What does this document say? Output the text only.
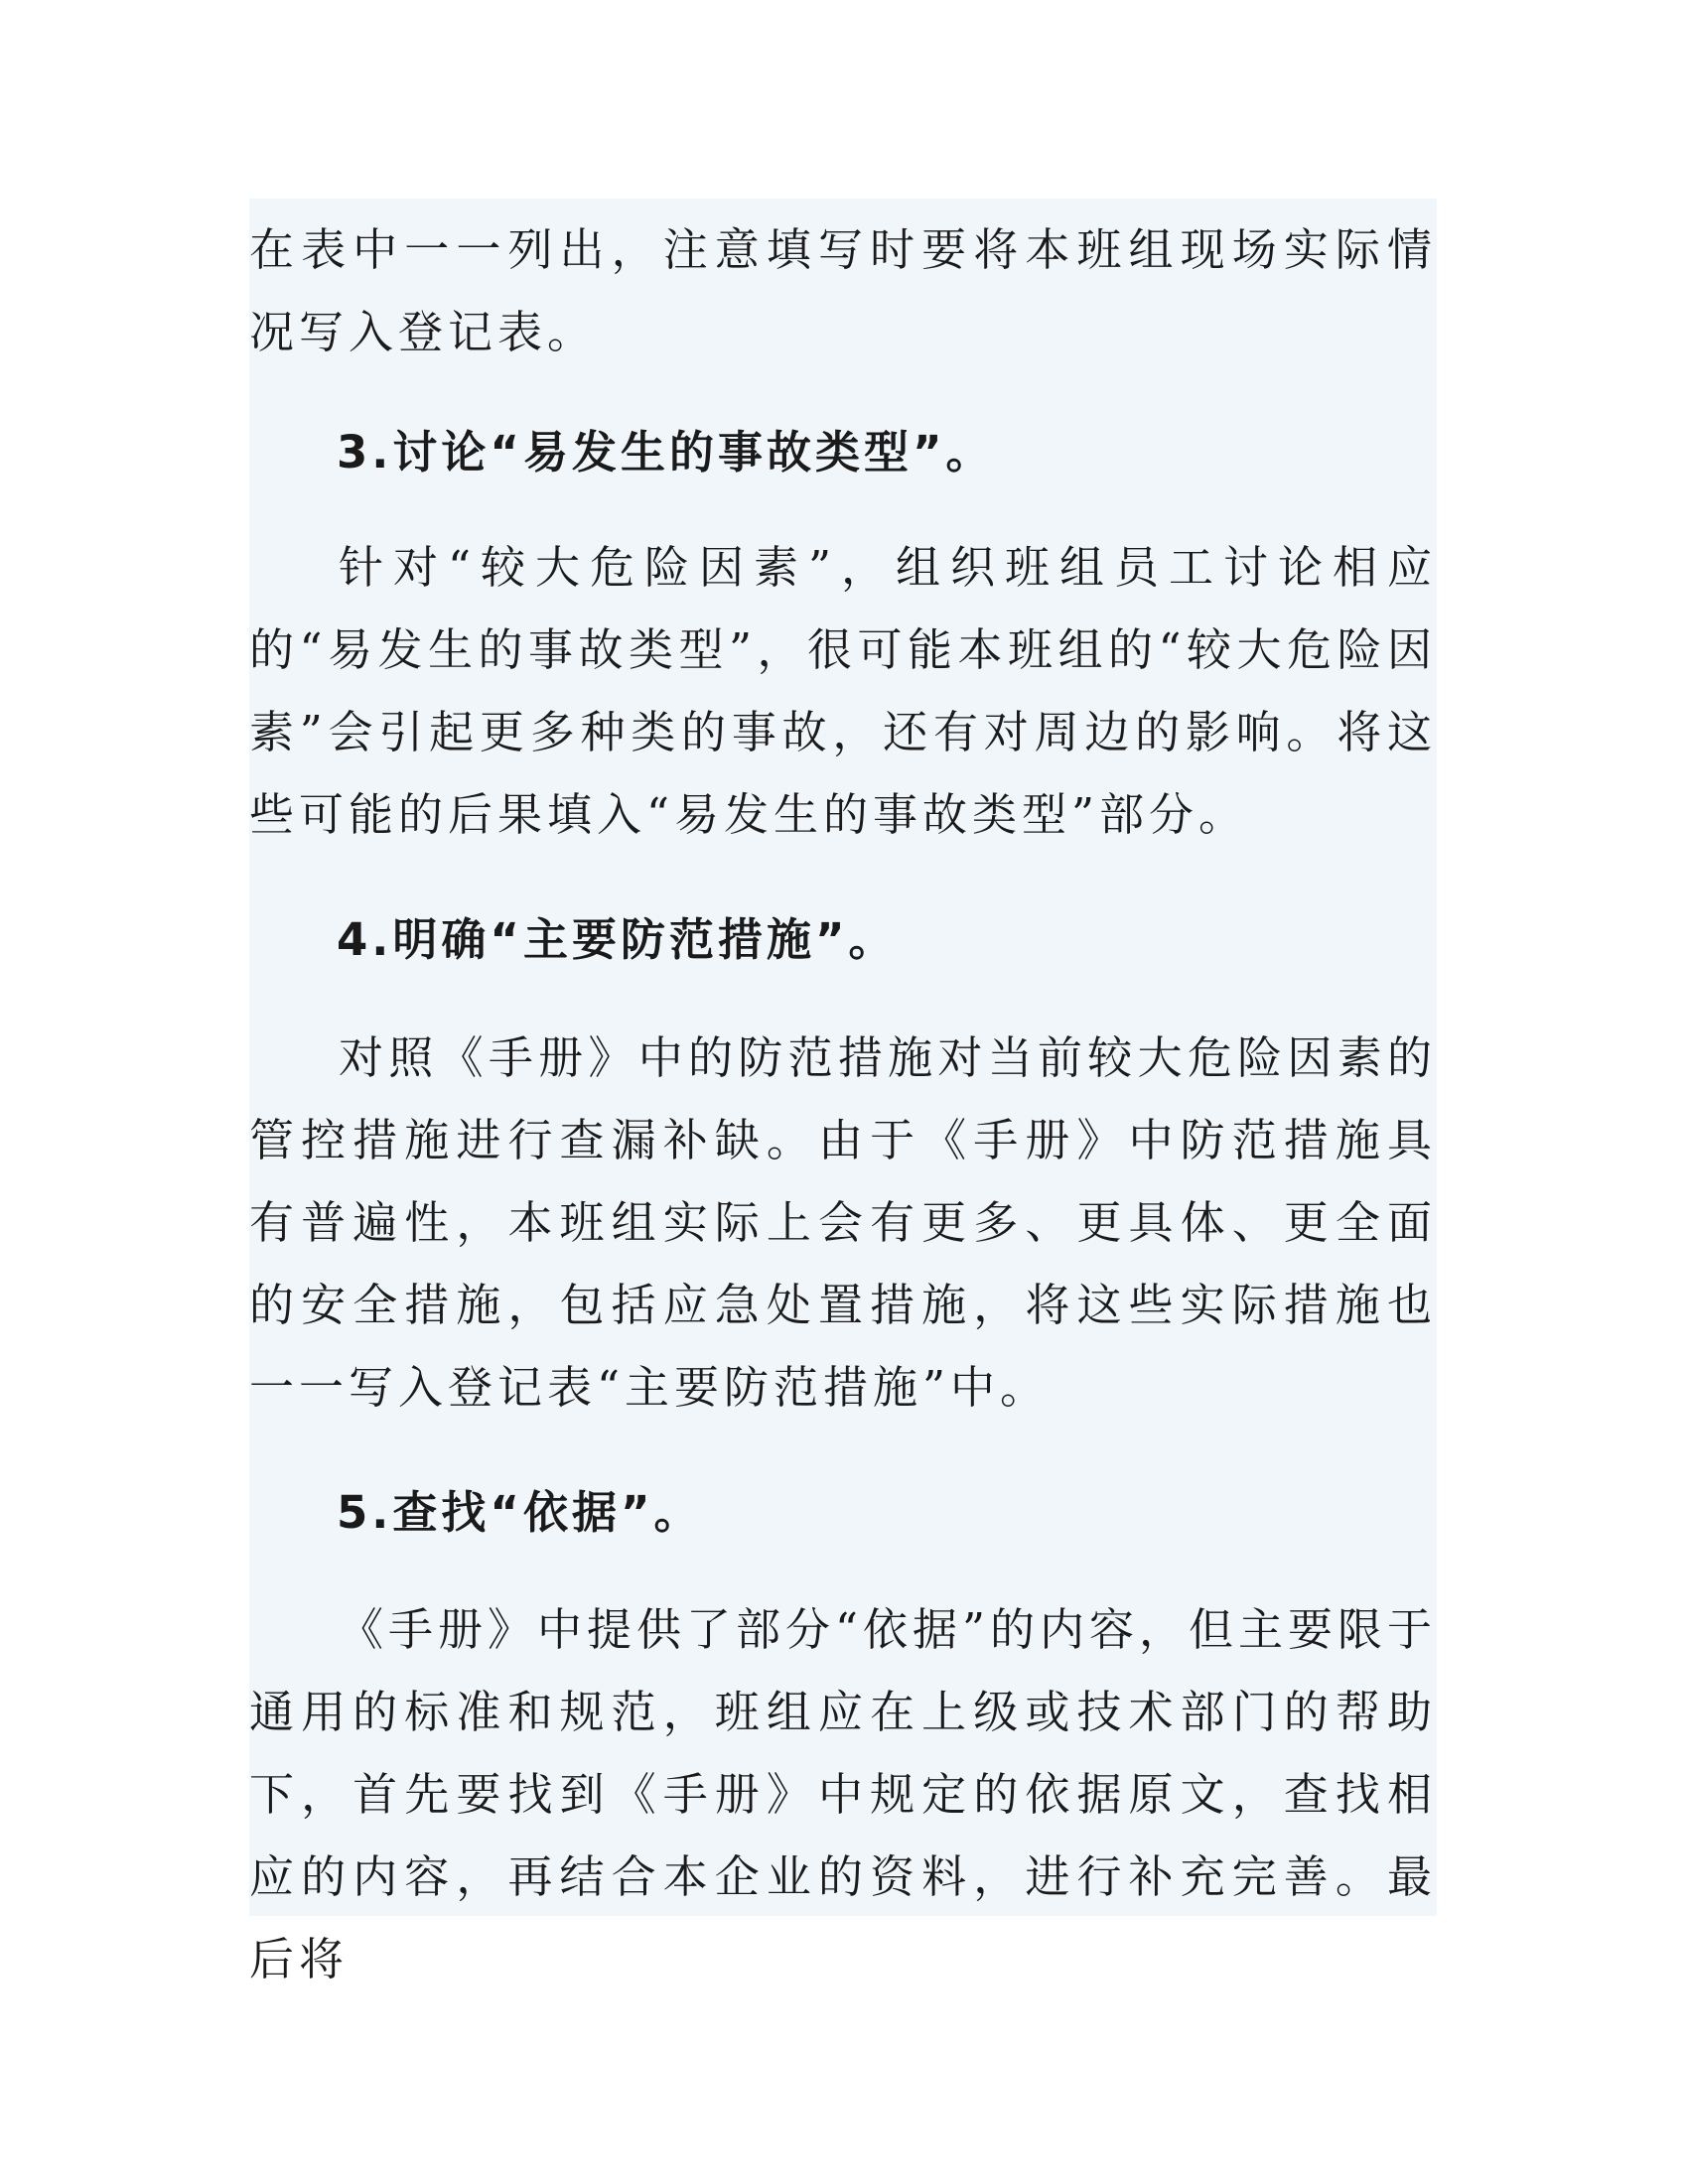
在表中一一列出，注意填写时要将本班组现场实际情况写入登记表。

3.讨论“易发生的事故类型”。

针对“较大危险因素”，组织班组员工讨论相应的“易发生的事故类型”，很可能本班组的“较大危险因素”会引起更多种类的事故，还有对周边的影响。将这些可能的后果填入“易发生的事故类型”部分。

4.明确“主要防范措施”。

对照《手册》中的防范措施对当前较大危险因素的管控措施进行查漏补缺。由于《手册》中防范措施具有普遍性，本班组实际上会有更多、更具体、更全面的安全措施，包括应急处置措施，将这些实际措施也一一写入登记表“主要防范措施”中。

5.查找“依据”。

《手册》中提供了部分“依据”的内容，但主要限于通用的标准和规范，班组应在上级或技术部门的帮助下，首先要找到《手册》中规定的依据原文，查找相应的内容，再结合本企业的资料，进行补充完善。最后将
